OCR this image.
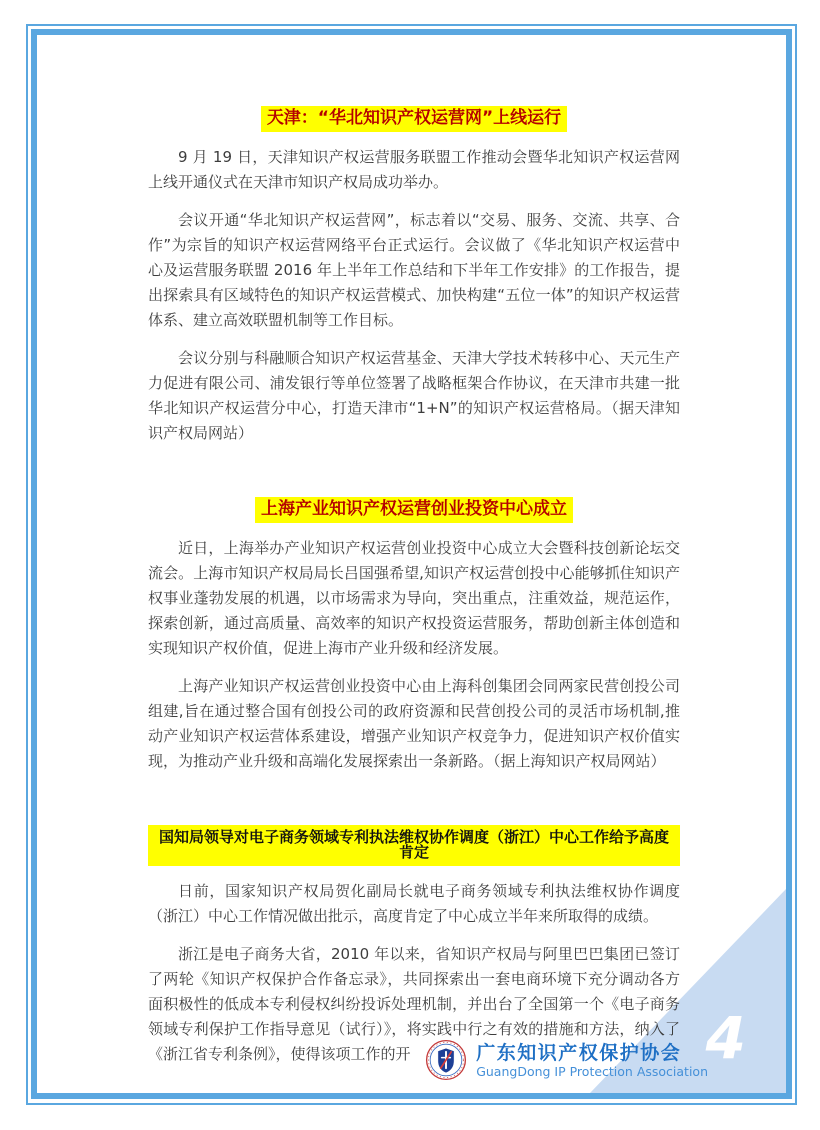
4
天津：“华北知识产权运营网”上线运行

9 月 19 日，天津知识产权运营服务联盟工作推动会暨华北知识产权运营网上线开通仪式在天津市知识产权局成功举办。

会议开通“华北知识产权运营网”，标志着以“交易、服务、交流、共享、合作”为宗旨的知识产权运营网络平台正式运行。会议做了《华北知识产权运营中心及运营服务联盟 2016 年上半年工作总结和下半年工作安排》的工作报告，提出探索具有区域特色的知识产权运营模式、加快构建“五位一体”的知识产权运营体系、建立高效联盟机制等工作目标。

会议分别与科融顺合知识产权运营基金、天津大学技术转移中心、天元生产力促进有限公司、浦发银行等单位签署了战略框架合作协议，在天津市共建一批华北知识产权运营分中心，打造天津市“1+N”的知识产权运营格局。（据天津知识产权局网站）

上海产业知识产权运营创业投资中心成立

近日，上海举办产业知识产权运营创业投资中心成立大会暨科技创新论坛交流会。上海市知识产权局局长吕国强希望,知识产权运营创投中心能够抓住知识产权事业蓬勃发展的机遇，以市场需求为导向，突出重点，注重效益，规范运作，探索创新，通过高质量、高效率的知识产权投资运营服务，帮助创新主体创造和实现知识产权价值，促进上海市产业升级和经济发展。

上海产业知识产权运营创业投资中心由上海科创集团会同两家民营创投公司组建,旨在通过整合国有创投公司的政府资源和民营创投公司的灵活市场机制,推动产业知识产权运营体系建设，增强产业知识产权竞争力，促进知识产权价值实现，为推动产业升级和高端化发展探索出一条新路。（据上海知识产权局网站）

国知局领导对电子商务领域专利执法维权协作调度（浙江）中心工作给予高度肯定

日前，国家知识产权局贺化副局长就电子商务领域专利执法维权协作调度（浙江）中心工作情况做出批示，高度肯定了中心成立半年来所取得的成绩。

浙江是电子商务大省，2010 年以来，省知识产权局与阿里巴巴集团已签订了两轮《知识产权保护合作备忘录》，共同探索出一套电商环境下充分调动各方面积极性的低成本专利侵权纠纷投诉处理机制，并出台了全国第一个《电子商务领域专利保护工作指导意见（试行）》，将实践中行之有效的措施和方法，纳入了《浙江省专利条例》，使得该项工作的开	广东知识产权保护协会
GuangDong IP Protection Association
